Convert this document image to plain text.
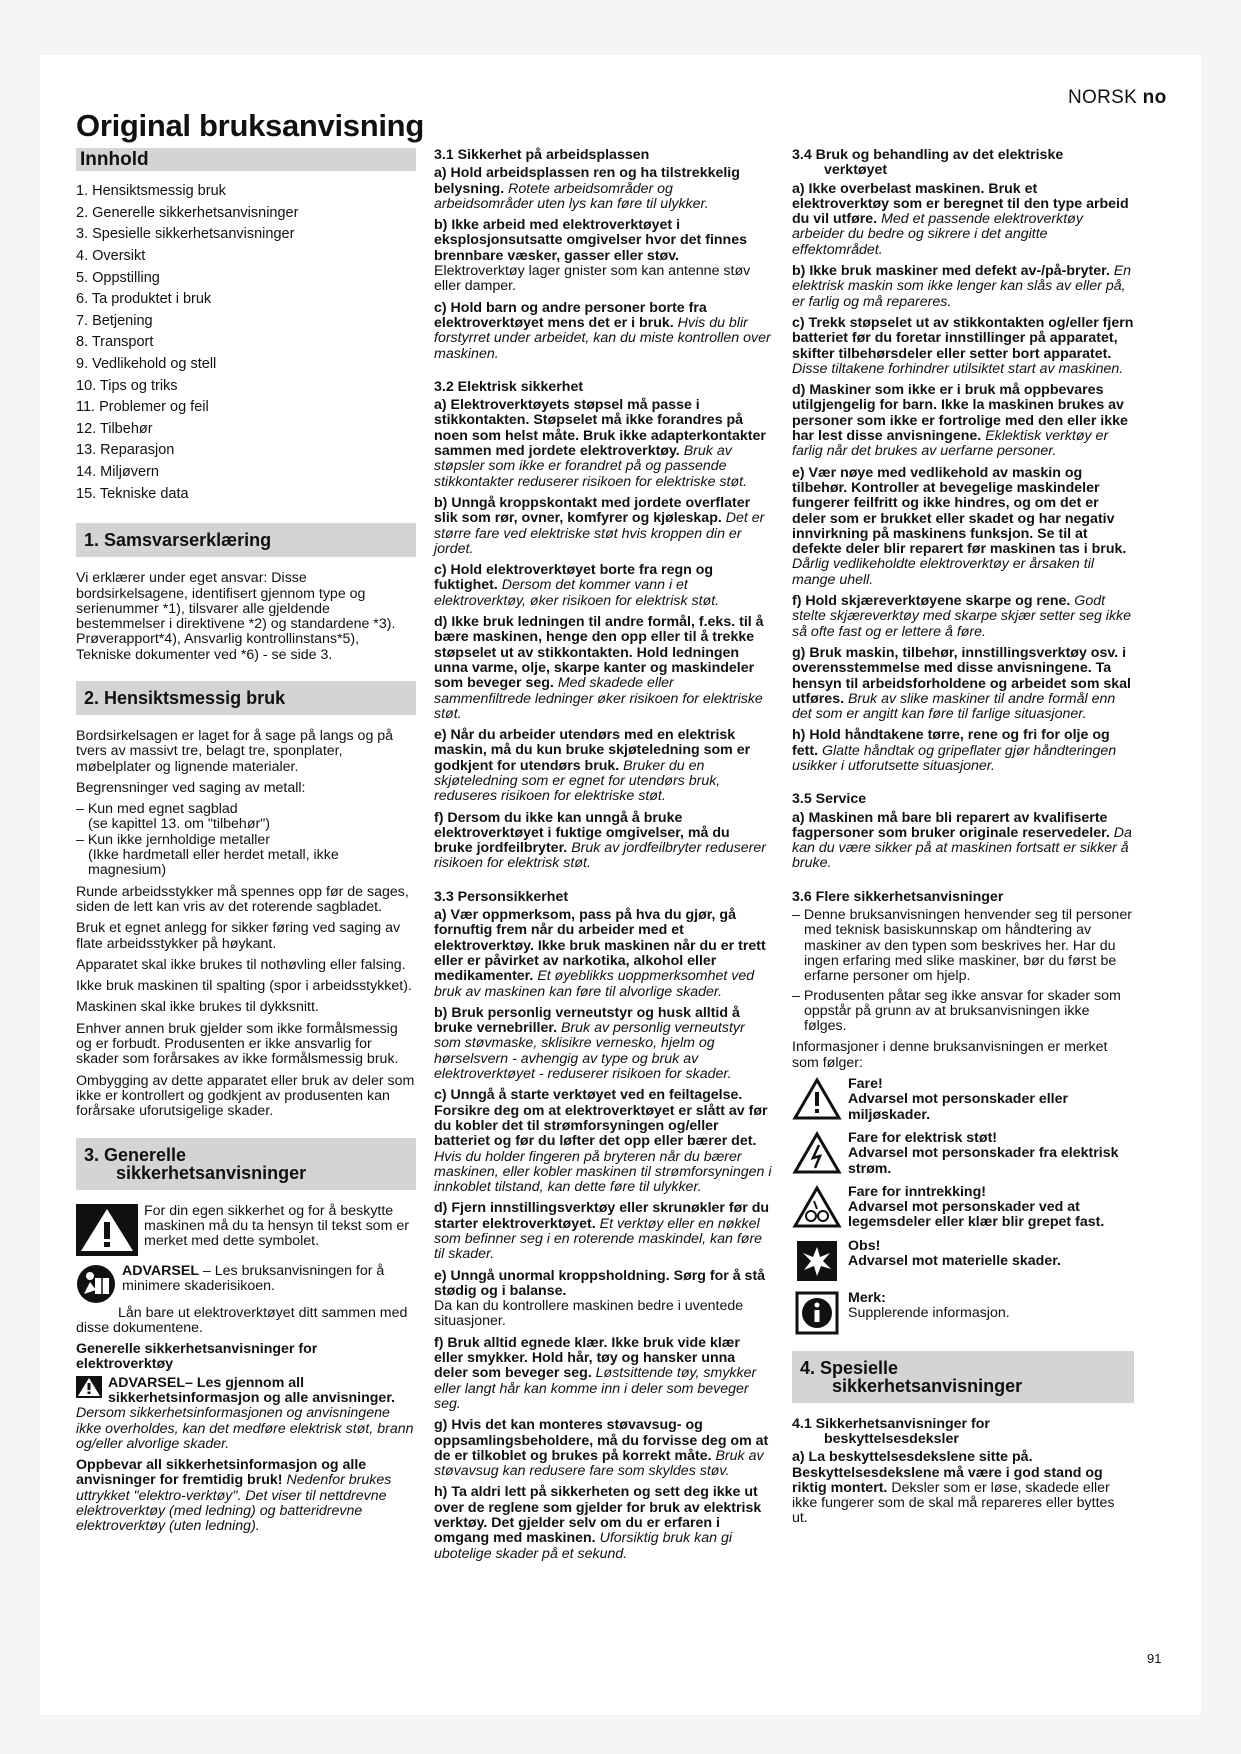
NORSK no
Original bruksanvisning
Innhold
1. Hensiktsmessig bruk
2. Generelle sikkerhetsanvisninger
3. Spesielle sikkerhetsanvisninger
4. Oversikt
5. Oppstilling
6. Ta produktet i bruk
7. Betjening
8. Transport
9. Vedlikehold og stell
10. Tips og triks
11. Problemer og feil
12. Tilbehør
13. Reparasjon
14. Miljøvern
15. Tekniske data
1. Samsvarserklæring

Vi erklærer under eget ansvar: Disse bordsirkelsagene, identifisert gjennom type og serienummer *1), tilsvarer alle gjeldende bestemmelser i direktivene *2) og standardene *3). Prøverapport*4), Ansvarlig kontrollinstans*5), Tekniske dokumenter ved *6) - se side 3.

2. Hensiktsmessig bruk

Bordsirkelsagen er laget for å sage på langs og på tvers av massivt tre, belagt tre, sponplater, møbelplater og lignende materialer.

Begrensninger ved saging av metall:

– Kun med egnet sagblad
(se kapittel 13. om "tilbehør")
– Kun ikke jernholdige metaller
(Ikke hardmetall eller herdet metall, ikke magnesium)

Runde arbeidsstykker må spennes opp før de sages, siden de lett kan vris av det roterende sagbladet.

Bruk et egnet anlegg for sikker føring ved saging av flate arbeidsstykker på høykant.

Apparatet skal ikke brukes til nothøvling eller falsing.

Ikke bruk maskinen til spalting (spor i arbeidsstykket).

Maskinen skal ikke brukes til dykksnitt.

Enhver annen bruk gjelder som ikke formålsmessig og er forbudt. Produsenten er ikke ansvarlig for skader som forårsakes av ikke formålsmessig bruk.

Ombygging av dette apparatet eller bruk av deler som ikke er kontrollert og godkjent av produsenten kan forårsake uforutsigelige skader.

3. Generelle
sikkerhetsanvisninger
For din egen sikkerhet og for å beskytte maskinen må du ta hensyn til tekst som er merket med dette symbolet.
ADVARSEL – Les bruksanvisningen for å minimere skaderisikoen.

Lån bare ut elektroverktøyet ditt sammen med disse dokumentene.

Generelle sikkerhetsanvisninger for elektroverktøy

ADVARSEL– Les gjennom all sikkerhetsinformasjon og alle anvisninger. Dersom sikkerhetsinformasjonen og anvisningene ikke overholdes, kan det medføre elektrisk støt, brann og/eller alvorlige skader.

Oppbevar all sikkerhetsinformasjon og alle anvisninger for fremtidig bruk! Nedenfor brukes uttrykket "elektro-verktøy". Det viser til nettdrevne elektroverktøy (med ledning) og batteridrevne elektroverktøy (uten ledning).

3.1 Sikkerhet på arbeidsplassen

a) Hold arbeidsplassen ren og ha tilstrekkelig belysning. Rotete arbeidsområder og arbeidsområder uten lys kan føre til ulykker.

b) Ikke arbeid med elektroverktøyet i eksplosjonsutsatte omgivelser hvor det finnes brennbare væsker, gasser eller støv. Elektroverktøy lager gnister som kan antenne støv eller damper.

c) Hold barn og andre personer borte fra elektroverktøyet mens det er i bruk. Hvis du blir forstyrret under arbeidet, kan du miste kontrollen over maskinen.

3.2 Elektrisk sikkerhet

a) Elektroverktøyets støpsel må passe i stikkontakten. Støpselet må ikke forandres på noen som helst måte. Bruk ikke adapterkontakter sammen med jordete elektroverktøy. Bruk av støpsler som ikke er forandret på og passende stikkontakter reduserer risikoen for elektriske støt.

b) Unngå kroppskontakt med jordete overflater slik som rør, ovner, komfyrer og kjøleskap. Det er større fare ved elektriske støt hvis kroppen din er jordet.

c) Hold elektroverktøyet borte fra regn og fuktighet. Dersom det kommer vann i et elektroverktøy, øker risikoen for elektrisk støt.

d) Ikke bruk ledningen til andre formål, f.eks. til å bære maskinen, henge den opp eller til å trekke støpselet ut av stikkontakten. Hold ledningen unna varme, olje, skarpe kanter og maskindeler som beveger seg. Med skadede eller sammenfiltrede ledninger øker risikoen for elektriske støt.

e) Når du arbeider utendørs med en elektrisk maskin, må du kun bruke skjøteledning som er godkjent for utendørs bruk. Bruker du en skjøteledning som er egnet for utendørs bruk, reduseres risikoen for elektriske støt.

f) Dersom du ikke kan unngå å bruke elektroverktøyet i fuktige omgivelser, må du bruke jordfeilbryter. Bruk av jordfeilbryter reduserer risikoen for elektrisk støt.

3.3 Personsikkerhet

a) Vær oppmerksom, pass på hva du gjør, gå fornuftig frem når du arbeider med et elektroverktøy. Ikke bruk maskinen når du er trett eller er påvirket av narkotika, alkohol eller medikamenter. Et øyeblikks uoppmerksomhet ved bruk av maskinen kan føre til alvorlige skader.

b) Bruk personlig verneutstyr og husk alltid å bruke vernebriller. Bruk av personlig verneutstyr som støvmaske, sklisikre vernesko, hjelm og hørselsvern - avhengig av type og bruk av elektroverktøyet - reduserer risikoen for skader.

c) Unngå å starte verktøyet ved en feiltagelse. Forsikre deg om at elektroverktøyet er slått av før du kobler det til strømforsyningen og/eller batteriet og før du løfter det opp eller bærer det. Hvis du holder fingeren på bryteren når du bærer maskinen, eller kobler maskinen til strømforsyningen i innkoblet tilstand, kan dette føre til ulykker.

d) Fjern innstillingsverktøy eller skrunøkler før du starter elektroverktøyet. Et verktøy eller en nøkkel som befinner seg i en roterende maskindel, kan føre til skader.

e) Unngå unormal kroppsholdning. Sørg for å stå stødig og i balanse.
Da kan du kontrollere maskinen bedre i uventede situasjoner.

f) Bruk alltid egnede klær. Ikke bruk vide klær eller smykker. Hold hår, tøy og hansker unna deler som beveger seg. Løstsittende tøy, smykker eller langt hår kan komme inn i deler som beveger seg.

g) Hvis det kan monteres støvavsug- og oppsamlingsbeholdere, må du forvisse deg om at de er tilkoblet og brukes på korrekt måte. Bruk av støvavsug kan redusere fare som skyldes støv.

h) Ta aldri lett på sikkerheten og sett deg ikke ut over de reglene som gjelder for bruk av elektrisk verktøy. Det gjelder selv om du er erfaren i omgang med maskinen. Uforsiktig bruk kan gi ubotelige skader på et sekund.

3.4 Bruk og behandling av det elektriske
verktøyet

a) Ikke overbelast maskinen. Bruk et elektroverktøy som er beregnet til den type arbeid du vil utføre. Med et passende elektroverktøy arbeider du bedre og sikrere i det angitte effektområdet.

b) Ikke bruk maskiner med defekt av-/på-bryter. En elektrisk maskin som ikke lenger kan slås av eller på, er farlig og må repareres.

c) Trekk støpselet ut av stikkontakten og/eller fjern batteriet før du foretar innstillinger på apparatet, skifter tilbehørsdeler eller setter bort apparatet. Disse tiltakene forhindrer utilsiktet start av maskinen.

d) Maskiner som ikke er i bruk må oppbevares utilgjengelig for barn. Ikke la maskinen brukes av personer som ikke er fortrolige med den eller ikke har lest disse anvisningene. Eklektisk verktøy er farlig når det brukes av uerfarne personer.

e) Vær nøye med vedlikehold av maskin og tilbehør. Kontroller at bevegelige maskindeler fungerer feilfritt og ikke hindres, og om det er deler som er brukket eller skadet og har negativ innvirkning på maskinens funksjon. Se til at defekte deler blir reparert før maskinen tas i bruk. Dårlig vedlikeholdte elektroverktøy er årsaken til mange uhell.

f) Hold skjæreverktøyene skarpe og rene. Godt stelte skjæreverktøy med skarpe skjær setter seg ikke så ofte fast og er lettere å føre.

g) Bruk maskin, tilbehør, innstillingsverktøy osv. i overensstemmelse med disse anvisningene. Ta hensyn til arbeidsforholdene og arbeidet som skal utføres. Bruk av slike maskiner til andre formål enn det som er angitt kan føre til farlige situasjoner.

h) Hold håndtakene tørre, rene og fri for olje og fett. Glatte håndtak og gripeflater gjør håndteringen usikker i utforutsette situasjoner.

3.5 Service

a) Maskinen må bare bli reparert av kvalifiserte fagpersoner som bruker originale reservedeler. Da kan du være sikker på at maskinen fortsatt er sikker å bruke.

3.6 Flere sikkerhetsanvisninger
– Denne bruksanvisningen henvender seg til personer med teknisk basiskunnskap om håndtering av maskiner av den typen som beskrives her. Har du ingen erfaring med slike maskiner, bør du først be erfarne personer om hjelp.
– Produsenten påtar seg ikke ansvar for skader som oppstår på grunn av at bruksanvisningen ikke følges.

Informasjoner i denne bruksanvisningen er merket som følger:

Fare!
Advarsel mot personskader eller miljøskader.
Fare for elektrisk støt!
Advarsel mot personskader fra elektrisk strøm.
Fare for inntrekking!
Advarsel mot personskader ved at legemsdeler eller klær blir grepet fast.
Obs!
Advarsel mot materielle skader.
Merk:
Supplerende informasjon.
4. Spesielle
sikkerhetsanvisninger
4.1 Sikkerhetsanvisninger for
beskyttelsesdeksler

a) La beskyttelsesdekslene sitte på. Beskyttelsesdekslene må være i god stand og riktig montert. Deksler som er løse, skadede eller ikke fungerer som de skal må repareres eller byttes ut.

91
